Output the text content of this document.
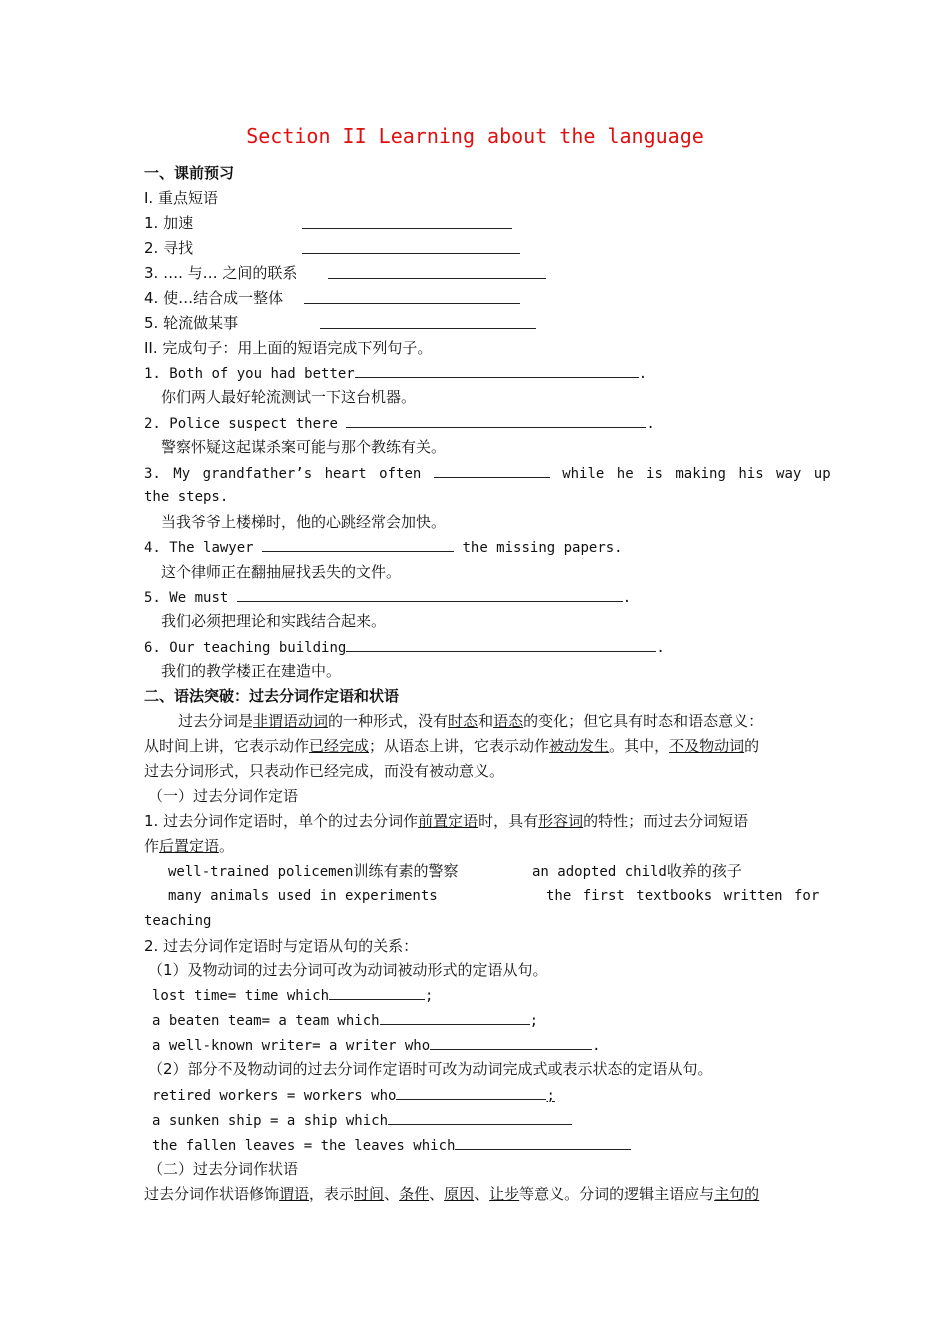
Section II Learning about the language
一、课前预习
I. 重点短语
1. 加速
2. 寻找
3. …. 与… 之间的联系
4. 使…结合成一整体
5. 轮流做某事
II. 完成句子：用上面的短语完成下列句子。
1. Both of you had better	.
你们两人最好轮流测试一下这台机器。
2. Police suspect there	.
警察怀疑这起谋杀案可能与那个教练有关。
3. My grandfather’s heart often	while he is making his way up
the steps.
当我爷爷上楼梯时，他的心跳经常会加快。
4. The lawyer	the missing papers.
这个律师正在翻抽屉找丢失的文件。
5. We must	.
我们必须把理论和实践结合起来。
6. Our teaching building	.
我们的教学楼正在建造中。
二、语法突破：过去分词作定语和状语
过去分词是非谓语动词的一种形式，没有时态和语态的变化；但它具有时态和语态意义：
从时间上讲，它表示动作已经完成；从语态上讲，它表示动作被动发生。其中，不及物动词的
过去分词形式，只表动作已经完成，而没有被动意义。
（一）过去分词作定语
1. 过去分词作定语时，单个的过去分词作前置定语时，具有形容词的特性；而过去分词短语
作后置定语。
well-trained policemen训练有素的警察	an adopted child收养的孩子
many animals used in experiments	the first textbooks written for
teaching
2. 过去分词作定语时与定语从句的关系：
（1）及物动词的过去分词可改为动词被动形式的定语从句。
lost time= time which	;
a beaten team= a team which	;
a well-known writer= a writer who	.
（2）部分不及物动词的过去分词作定语时可改为动词完成式或表示状态的定语从句。
retired workers = workers who	;
a sunken ship = a ship which
the fallen leaves = the leaves which
（二）过去分词作状语
过去分词作状语修饰谓语，表示时间、条件、原因、让步等意义。分词的逻辑主语应与主句的
